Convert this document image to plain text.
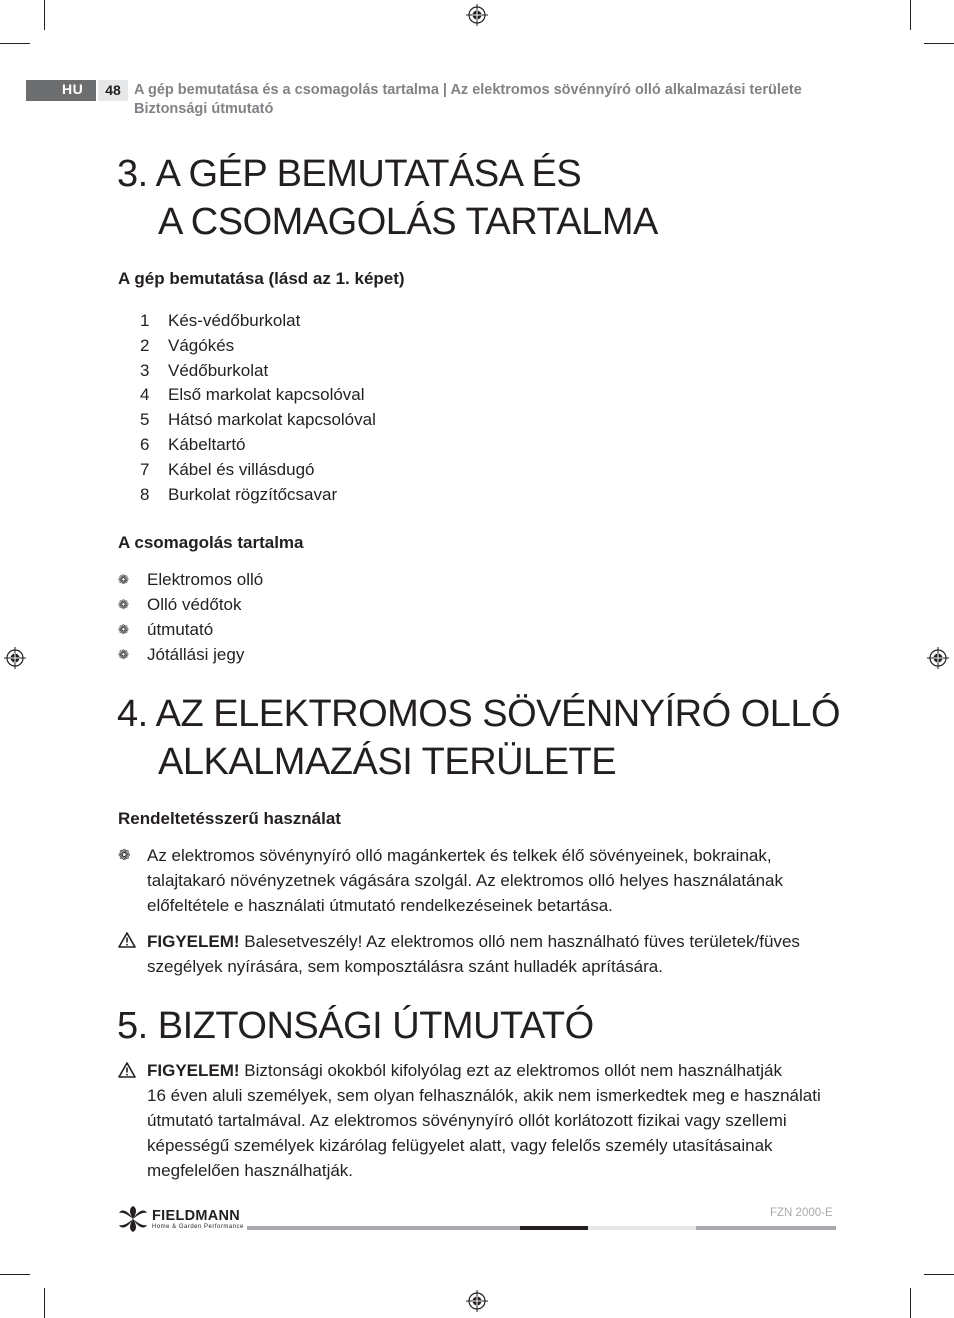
HU	48 A gép bemutatása és a csomagolás tartalma | Az elektromos sövénnyíró olló alkalmazási területe
Biztonsági útmutató
3. A GÉP BEMUTATÁSA ÉS
A CSOMAGOLÁS TARTALMA
A gép bemutatása (lásd az 1. képet)
1	Kés-védőburkolat
2	Vágókés
3	Védőburkolat
4	Első markolat kapcsolóval
5	Hátsó markolat kapcsolóval
6	Kábeltartó
7	Kábel és villásdugó
8	Burkolat rögzítőcsavar
A csomagolás tartalma
❁	Elektromos olló
❁	Olló védőtok
❁	útmutató
❁	Jótállási jegy
4. AZ ELEKTROMOS SÖVÉNNYÍRÓ OLLÓ
ALKALMAZÁSI TERÜLETE
Rendeltetésszerű használat
❁ Az elektromos sövénynyíró olló magánkertek és telkek élő sövényeinek, bokrainak,
talajtakaró növényzetnek vágására szolgál. Az elektromos olló helyes használatának
előfeltétele e használati útmutató rendelkezéseinek betartása.
FIGYELEM! Balesetveszély! Az elektromos olló nem használható füves területek/füves
szegélyek nyírására, sem komposztálásra szánt hulladék aprítására.
5. BIZTONSÁGI ÚTMUTATÓ
FIGYELEM! Biztonsági okokból kifolyólag ezt az elektromos ollót nem használhatják
16 éven aluli személyek, sem olyan felhasználók, akik nem ismerkedtek meg e használati
útmutató tartalmával. Az elektromos sövénynyíró ollót korlátozott fizikai vagy szellemi
képességű személyek kizárólag felügyelet alatt, vagy felelős személy utasításainak
megfelelően használhatják.
FIELDMANN
Home & Garden Performance
FZN 2000-E
